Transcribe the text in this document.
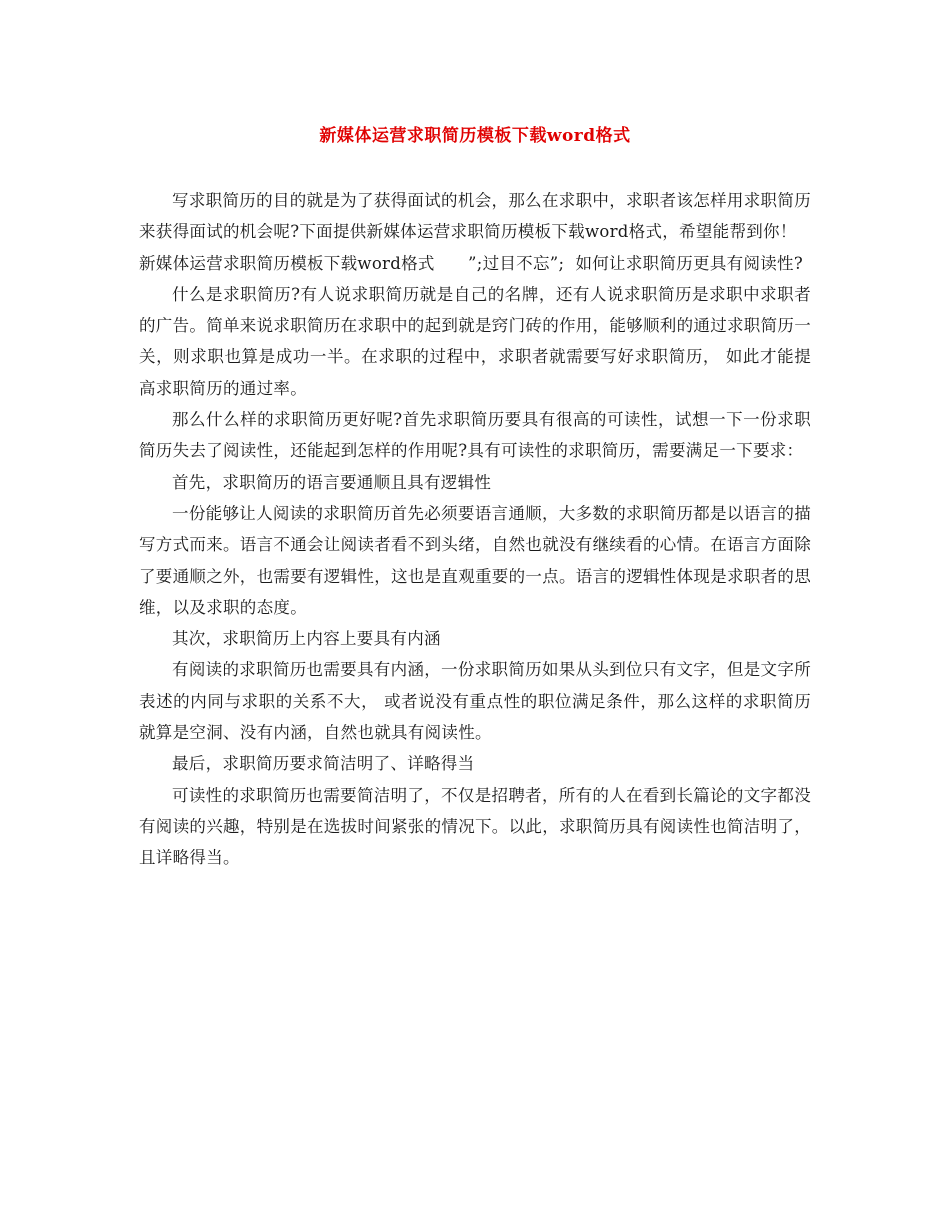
新媒体运营求职简历模板下载word格式

写求职简历的目的就是为了获得面试的机会，那么在求职中，求职者该怎样用求职简历来获得面试的机会呢?下面提供新媒体运营求职简历模板下载word格式，希望能帮到你！

新媒体运营求职简历模板下载word格式      ”;过目不忘”;  如何让求职简历更具有阅读性?

什么是求职简历?有人说求职简历就是自己的名牌，还有人说求职简历是求职中求职者的广告。简单来说求职简历在求职中的起到就是窍门砖的作用，能够顺利的通过求职简历一关，则求职也算是成功一半。在求职的过程中，求职者就需要写好求职简历， 如此才能提高求职简历的通过率。

那么什么样的求职简历更好呢?首先求职简历要具有很高的可读性，试想一下一份求职简历失去了阅读性，还能起到怎样的作用呢?具有可读性的求职简历，需要满足一下要求：

首先，求职简历的语言要通顺且具有逻辑性

一份能够让人阅读的求职简历首先必须要语言通顺，大多数的求职简历都是以语言的描写方式而来。语言不通会让阅读者看不到头绪，自然也就没有继续看的心情。在语言方面除了要通顺之外，也需要有逻辑性，这也是直观重要的一点。语言的逻辑性体现是求职者的思维，以及求职的态度。

其次，求职简历上内容上要具有内涵

有阅读的求职简历也需要具有内涵，一份求职简历如果从头到位只有文字，但是文字所表述的内同与求职的关系不大， 或者说没有重点性的职位满足条件，那么这样的求职简历就算是空洞、没有内涵，自然也就具有阅读性。

最后，求职简历要求简洁明了、详略得当

可读性的求职简历也需要简洁明了，不仅是招聘者，所有的人在看到长篇论的文字都没有阅读的兴趣，特别是在选拔时间紧张的情况下。以此，求职简历具有阅读性也简洁明了，且详略得当。
